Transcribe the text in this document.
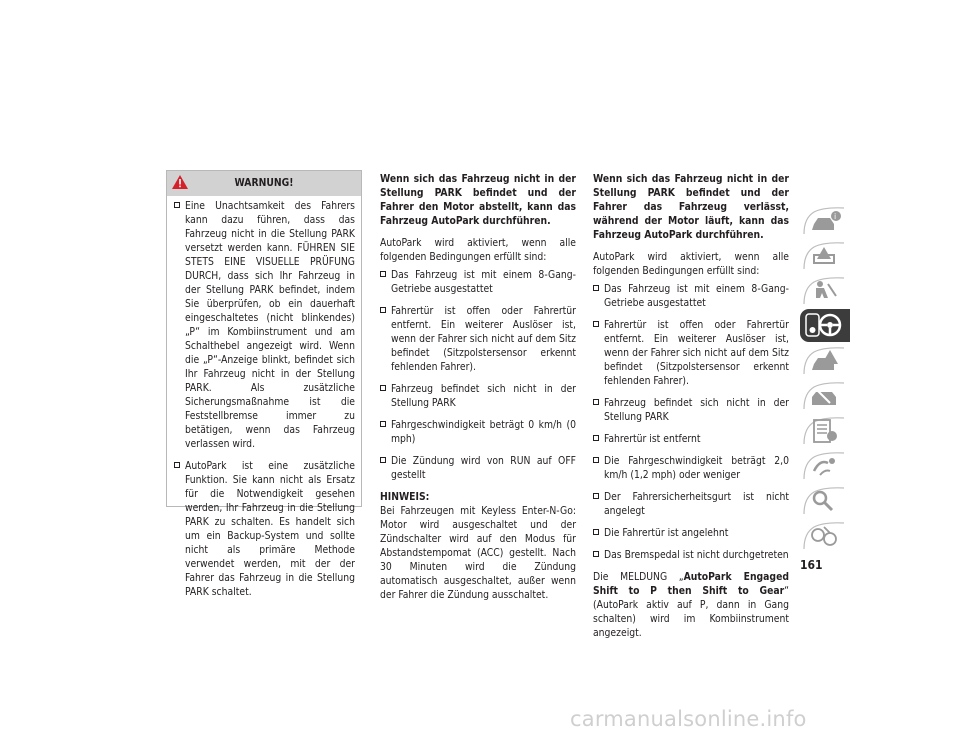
WARNUNG!
Eine Unachtsamkeit des Fahrers kann dazu führen, dass das Fahrzeug nicht in die Stellung PARK versetzt werden kann. FÜHREN SIE STETS EINE VISUELLE PRÜFUNG DURCH, dass sich Ihr Fahrzeug in der Stellung PARK befindet, indem Sie überprüfen, ob ein dauerhaft eingeschaltetes (nicht blinkendes) „P“ im Kombiinstrument und am Schalthebel angezeigt wird. Wenn die „P“-Anzeige blinkt, befindet sich Ihr Fahrzeug nicht in der Stellung PARK. Als zusätzliche Sicherungsmaßnahme ist die Feststellbremse immer zu betätigen, wenn das Fahrzeug verlassen wird.
AutoPark ist eine zusätzliche Funktion. Sie kann nicht als Ersatz für die Notwendigkeit gesehen werden, Ihr Fahrzeug in die Stellung PARK zu schalten. Es handelt sich um ein Backup-System und sollte nicht als primäre Methode verwendet werden, mit der der Fahrer das Fahrzeug in die Stellung PARK schaltet.

Wenn sich das Fahrzeug nicht in der Stellung PARK befindet und der Fahrer den Motor abstellt, kann das Fahrzeug AutoPark durchführen.

AutoPark wird aktiviert, wenn alle folgenden Bedingungen erfüllt sind:

Das Fahrzeug ist mit einem 8-Gang-Getriebe ausgestattet
Fahrertür ist offen oder Fahrertür entfernt. Ein weiterer Auslöser ist, wenn der Fahrer sich nicht auf dem Sitz befindet (Sitzpolstersensor erkennt fehlenden Fahrer).
Fahrzeug befindet sich nicht in der Stellung PARK
Fahrgeschwindigkeit beträgt 0 km/h (0 mph)
Die Zündung wird von RUN auf OFF gestellt

HINWEIS:

Bei Fahrzeugen mit Keyless Enter-N-Go: Motor wird ausgeschaltet und der Zündschalter wird auf den Modus für Abstandstempomat (ACC) gestellt. Nach 30 Minuten wird die Zündung automatisch ausgeschaltet, außer wenn der Fahrer die Zündung ausschaltet.

Wenn sich das Fahrzeug nicht in der Stellung PARK befindet und der Fahrer das Fahrzeug verlässt, während der Motor läuft, kann das Fahrzeug AutoPark durchführen.

AutoPark wird aktiviert, wenn alle folgenden Bedingungen erfüllt sind:

Das Fahrzeug ist mit einem 8-Gang-Getriebe ausgestattet
Fahrertür ist offen oder Fahrertür entfernt. Ein weiterer Auslöser ist, wenn der Fahrer sich nicht auf dem Sitz befindet (Sitzpolstersensor erkennt fehlenden Fahrer).
Fahrzeug befindet sich nicht in der Stellung PARK
Fahrertür ist entfernt
Die Fahrgeschwindigkeit beträgt 2,0 km/h (1,2 mph) oder weniger
Der Fahrersicherheitsgurt ist nicht angelegt
Die Fahrertür ist angelehnt
Das Bremspedal ist nicht durchgetreten

Die MELDUNG „AutoPark Engaged Shift to P then Shift to Gear“ (AutoPark aktiv auf P, dann in Gang schalten) wird im Kombiinstrument angezeigt.

i
161
carmanualsonline.info
